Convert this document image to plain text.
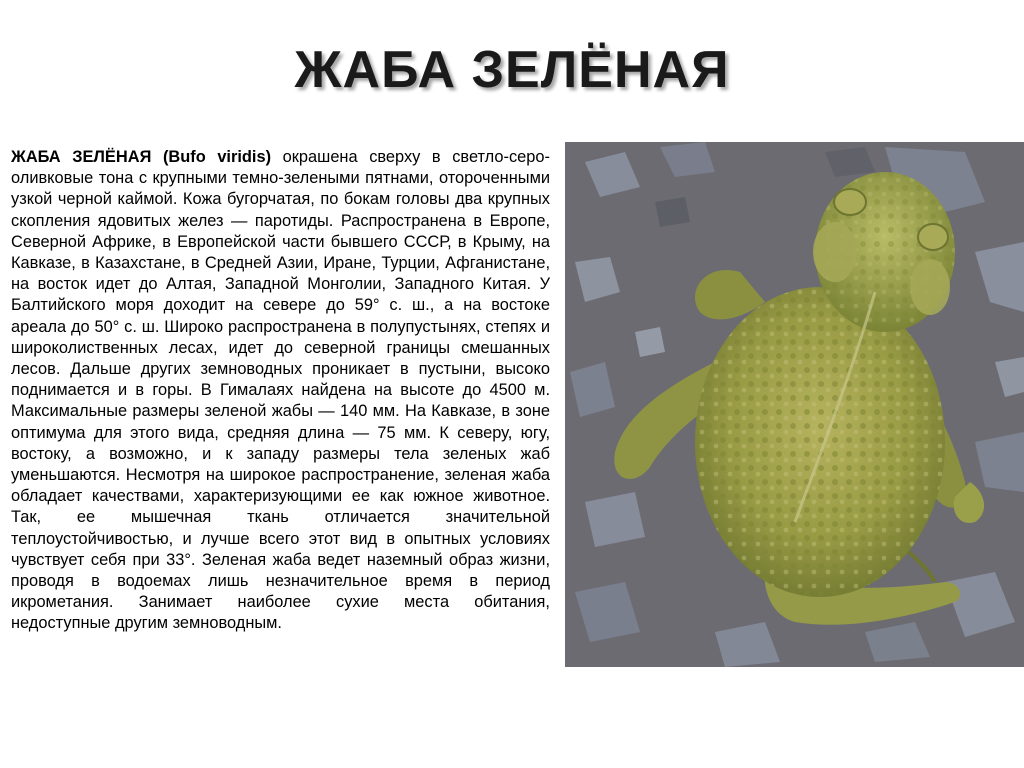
ЖАБА ЗЕЛЁНАЯ

ЖАБА ЗЕЛЁНАЯ (Bufo viridis) окрашена сверху в светло-серо-оливковые тона с крупными темно-зелеными пятнами, отороченными узкой черной каймой. Кожа бугорчатая, по бокам головы два крупных скопления ядовитых желез — паротиды. Распространена в Европе, Северной Африке, в Европейской части бывшего СССР, в Крыму, на Кавказе, в Казахстане, в Средней Азии, Иране, Турции, Афганистане, на восток идет до Алтая, Западной Монголии, Западного Китая. У Балтийского моря доходит на севере до 59° с. ш., а на востоке ареала до 50° с. ш. Широко распространена в полупустынях, степях и широколиственных лесах, идет до северной границы смешанных лесов. Дальше других земноводных проникает в пустыни, высоко поднимается и в горы. В Гималаях найдена на высоте до 4500 м. Максимальные размеры зеленой жабы — 140 мм. На Кавказе, в зоне оптимума для этого вида, средняя длина — 75 мм. К северу, югу, востоку, а возможно, и к западу размеры тела зеленых жаб уменьшаются. Несмотря на широкое распространение, зеленая жаба обладает качествами, характеризующими ее как южное животное. Так, ее мышечная ткань отличается значительной теплоустойчивостью, и лучше всего этот вид в опытных условиях чувствует себя при 33°. Зеленая жаба ведет наземный образ жизни, проводя в водоемах лишь незначительное время в период икрометания. Занимает наиболее сухие места обитания, недоступные другим земноводным.
